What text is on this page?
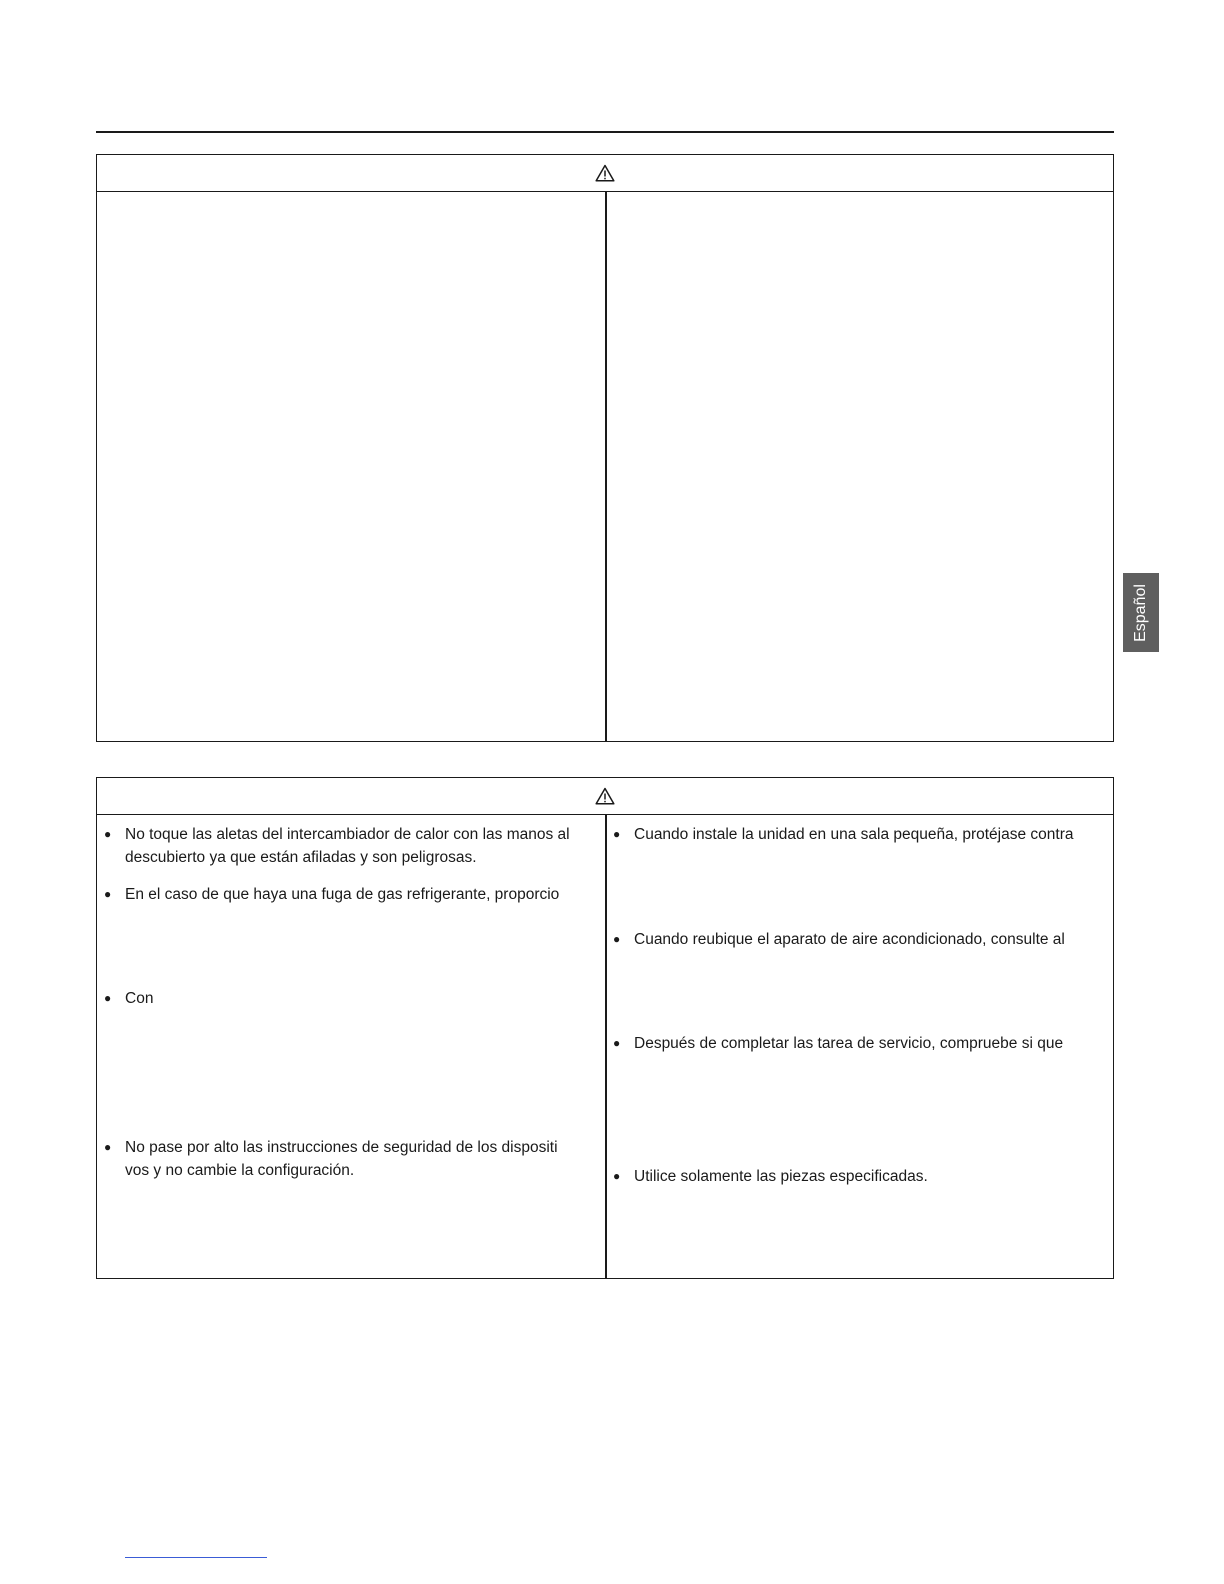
● No toque las aletas del intercambiador de calor con las manos al
descubierto ya que están afiladas y son peligrosas.
● En el caso de que haya una fuga de gas refrigerante, proporcio
● Con
● No pase por alto las instrucciones de seguridad de los dispositi
vos y no cambie la configuración.
● Cuando instale la unidad en una sala pequeña, protéjase contra
● Cuando reubique el aparato de aire acondicionado, consulte al
● Después de completar las tarea de servicio, compruebe si que
● Utilice solamente las piezas especificadas.
Español
